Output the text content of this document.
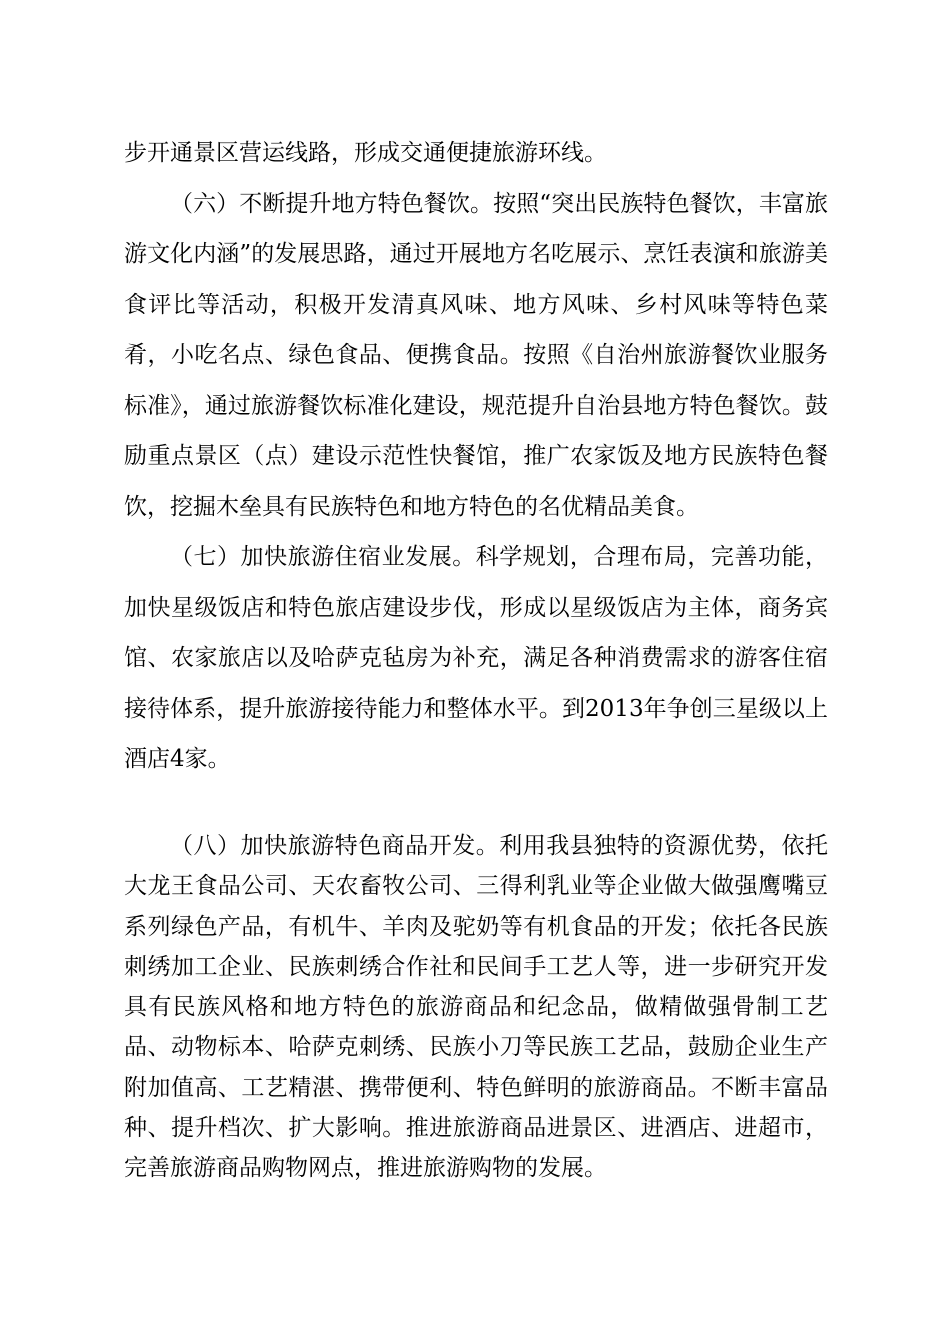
步开通景区营运线路，形成交通便捷旅游环线。

（六）不断提升地方特色餐饮。按照“突出民族特色餐饮，丰富旅游文化内涵”的发展思路，通过开展地方名吃展示、烹饪表演和旅游美食评比等活动，积极开发清真风味、地方风味、乡村风味等特色菜肴，小吃名点、绿色食品、便携食品。按照《自治州旅游餐饮业服务标准》，通过旅游餐饮标准化建设，规范提升自治县地方特色餐饮。鼓励重点景区（点）建设示范性快餐馆，推广农家饭及地方民族特色餐饮，挖掘木垒具有民族特色和地方特色的名优精品美食。

（七）加快旅游住宿业发展。科学规划，合理布局，完善功能，加快星级饭店和特色旅店建设步伐，形成以星级饭店为主体，商务宾馆、农家旅店以及哈萨克毡房为补充，满足各种消费需求的游客住宿接待体系，提升旅游接待能力和整体水平。到2013年争创三星级以上酒店4家。

（八）加快旅游特色商品开发。利用我县独特的资源优势，依托大龙王食品公司、天农畜牧公司、三得利乳业等企业做大做强鹰嘴豆系列绿色产品，有机牛、羊肉及驼奶等有机食品的开发；依托各民族刺绣加工企业、民族刺绣合作社和民间手工艺人等，进一步研究开发具有民族风格和地方特色的旅游商品和纪念品，做精做强骨制工艺品、动物标本、哈萨克刺绣、民族小刀等民族工艺品，鼓励企业生产附加值高、工艺精湛、携带便利、特色鲜明的旅游商品。不断丰富品种、提升档次、扩大影响。推进旅游商品进景区、进酒店、进超市，完善旅游商品购物网点，推进旅游购物的发展。
